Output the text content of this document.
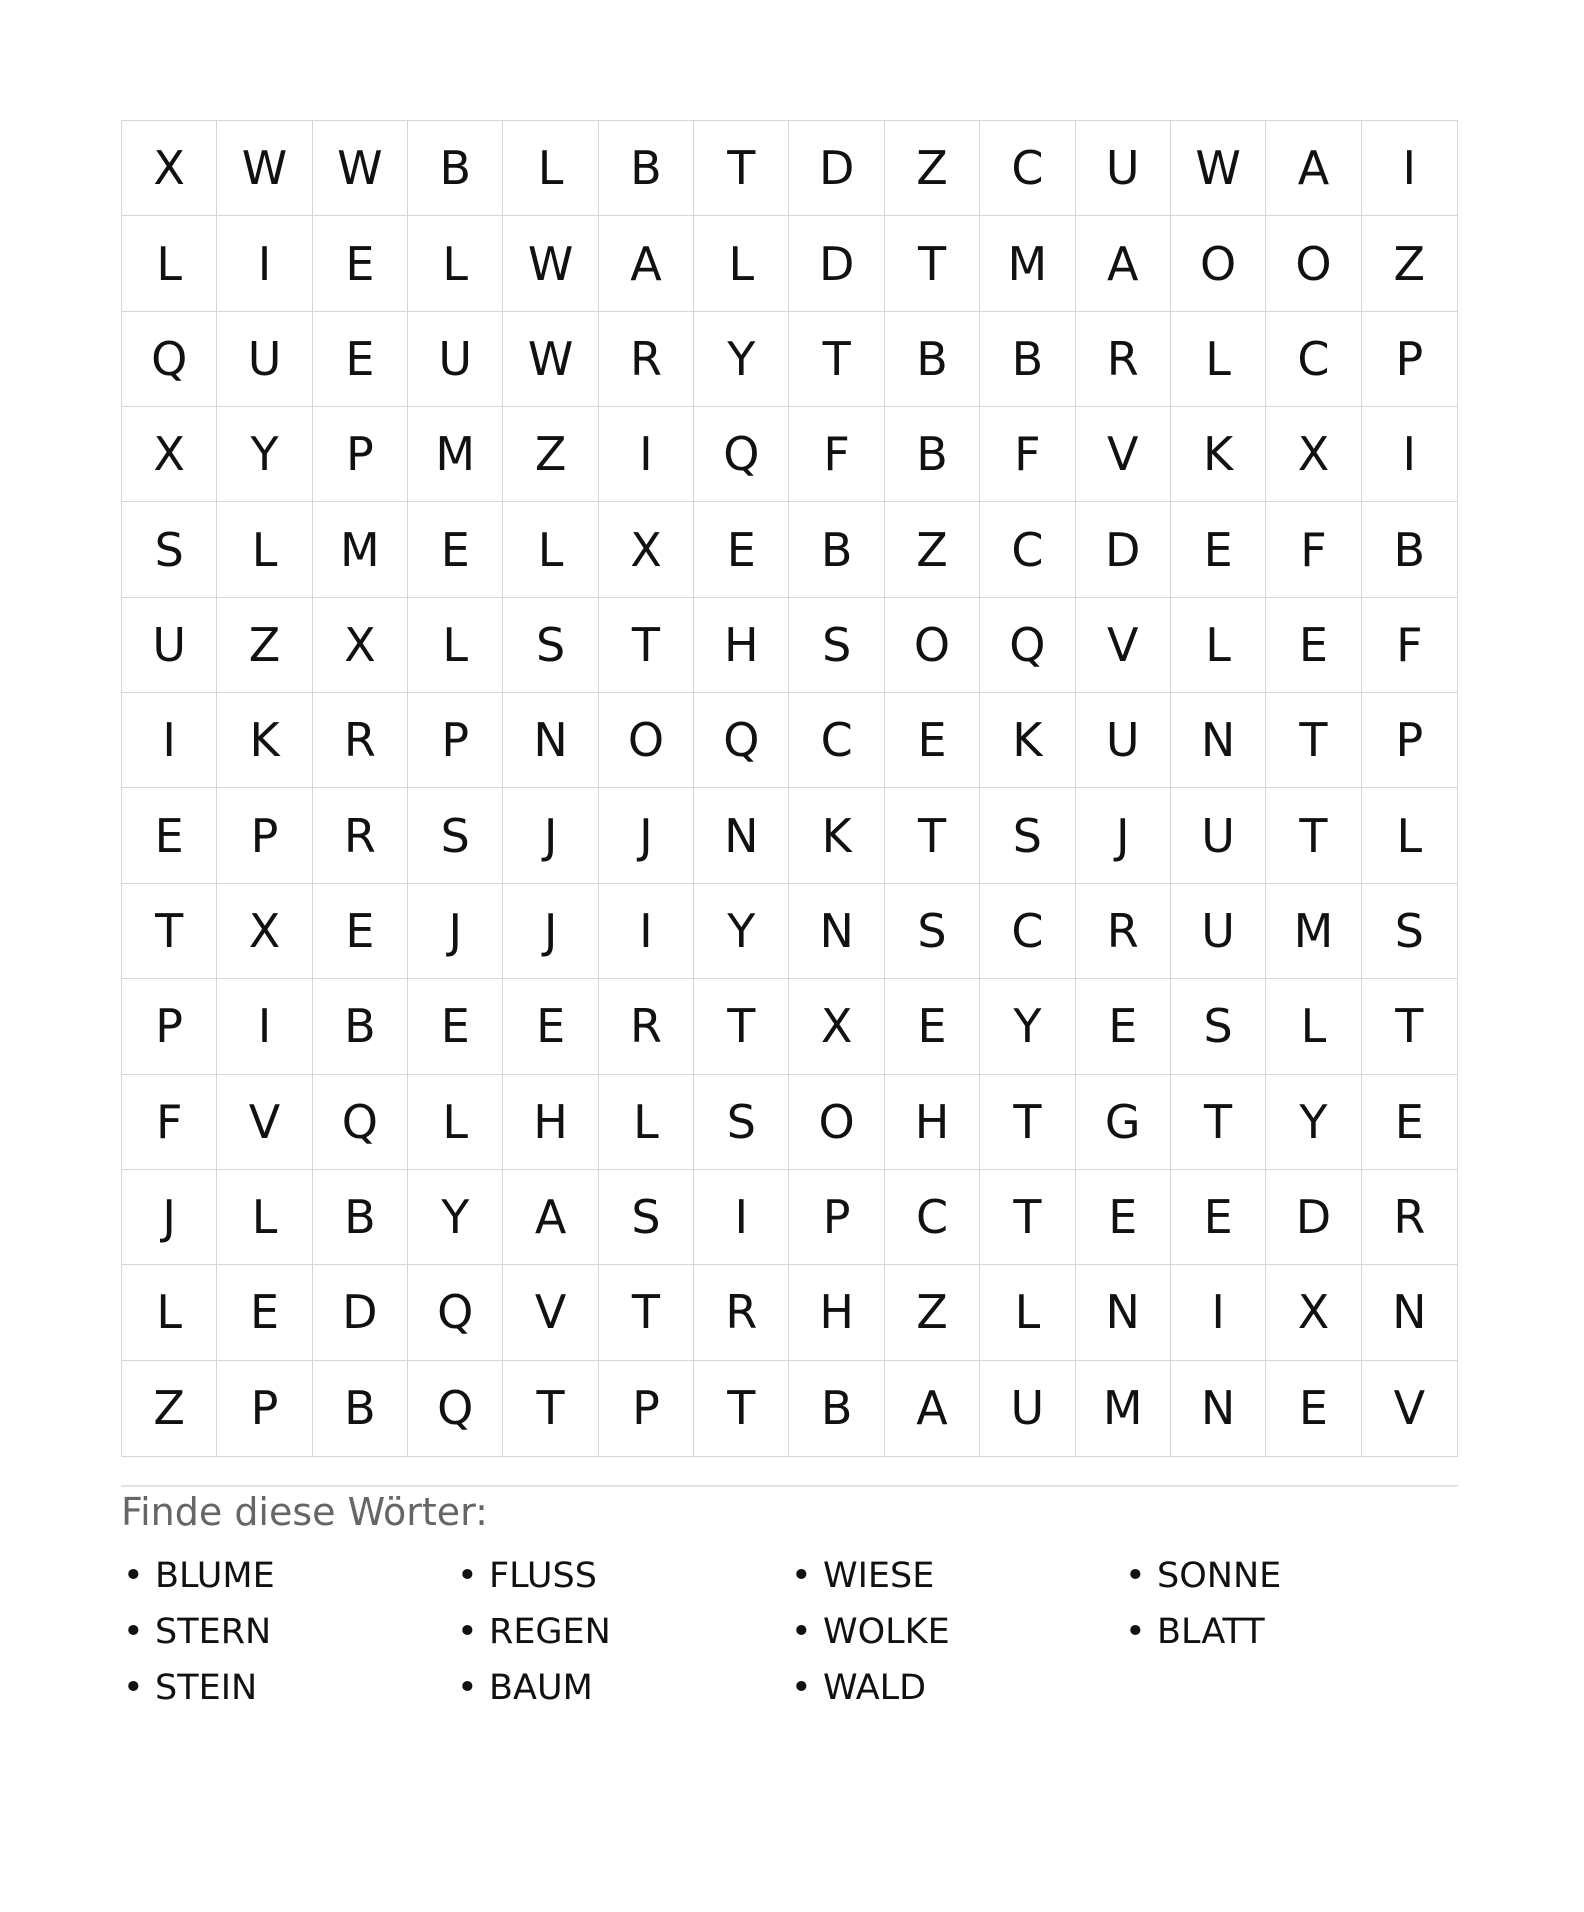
X	W	W	B	L	B	T	D	Z	C	U	W	A	I
L	I	E	L	W	A	L	D	T	M	A	O	O	Z
Q	U	E	U	W	R	Y	T	B	B	R	L	C	P
X	Y	P	M	Z	I	Q	F	B	F	V	K	X	I
S	L	M	E	L	X	E	B	Z	C	D	E	F	B
U	Z	X	L	S	T	H	S	O	Q	V	L	E	F
I	K	R	P	N	O	Q	C	E	K	U	N	T	P
E	P	R	S	J	J	N	K	T	S	J	U	T	L
T	X	E	J	J	I	Y	N	S	C	R	U	M	S
P	I	B	E	E	R	T	X	E	Y	E	S	L	T
F	V	Q	L	H	L	S	O	H	T	G	T	Y	E
J	L	B	Y	A	S	I	P	C	T	E	E	D	R
L	E	D	Q	V	T	R	H	Z	L	N	I	X	N
Z	P	B	Q	T	P	T	B	A	U	M	N	E	V
Finde diese Wörter:
• BLUME	• FLUSS	• WIESE	• SONNE
• STERN	• REGEN	• WOLKE	• BLATT
• STEIN	• BAUM	• WALD
